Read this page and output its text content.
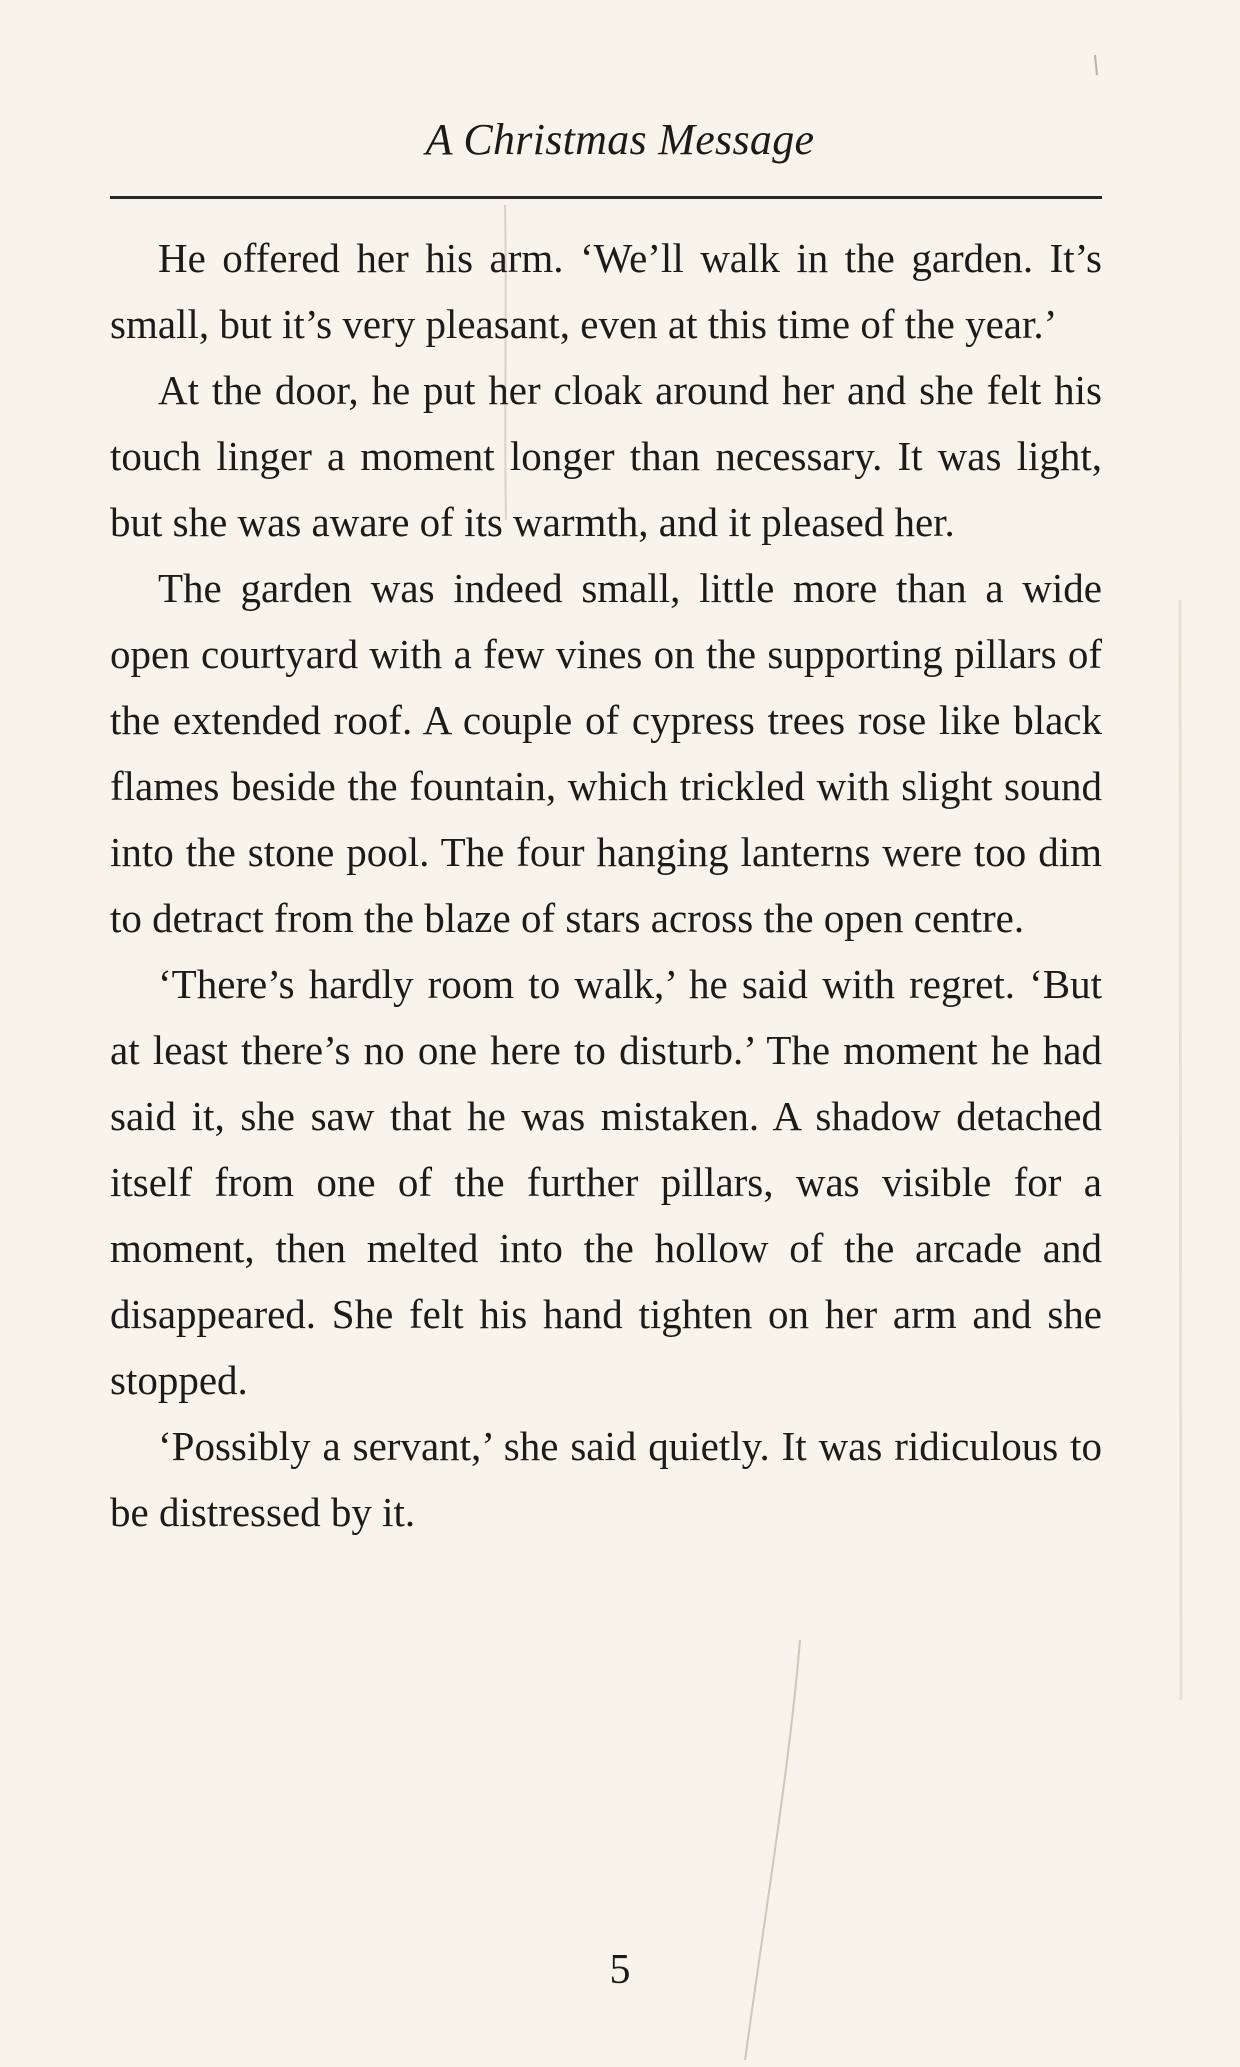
A Christmas Message

He offered her his arm. ‘We’ll walk in the garden. It’s small, but it’s very pleasant, even at this time of the year.’

At the door, he put her cloak around her and she felt his touch linger a moment longer than necessary. It was light, but she was aware of its warmth, and it pleased her.

The garden was indeed small, little more than a wide open courtyard with a few vines on the supporting pillars of the extended roof. A couple of cypress trees rose like black flames beside the fountain, which trickled with slight sound into the stone pool. The four hanging lanterns were too dim to detract from the blaze of stars across the open centre.

‘There’s hardly room to walk,’ he said with regret. ‘But at least there’s no one here to disturb.’ The moment he had said it, she saw that he was mistaken. A shadow detached itself from one of the further pillars, was visible for a moment, then melted into the hollow of the arcade and disappeared. She felt his hand tighten on her arm and she stopped.

‘Possibly a servant,’ she said quietly. It was ridiculous to be distressed by it.

5
